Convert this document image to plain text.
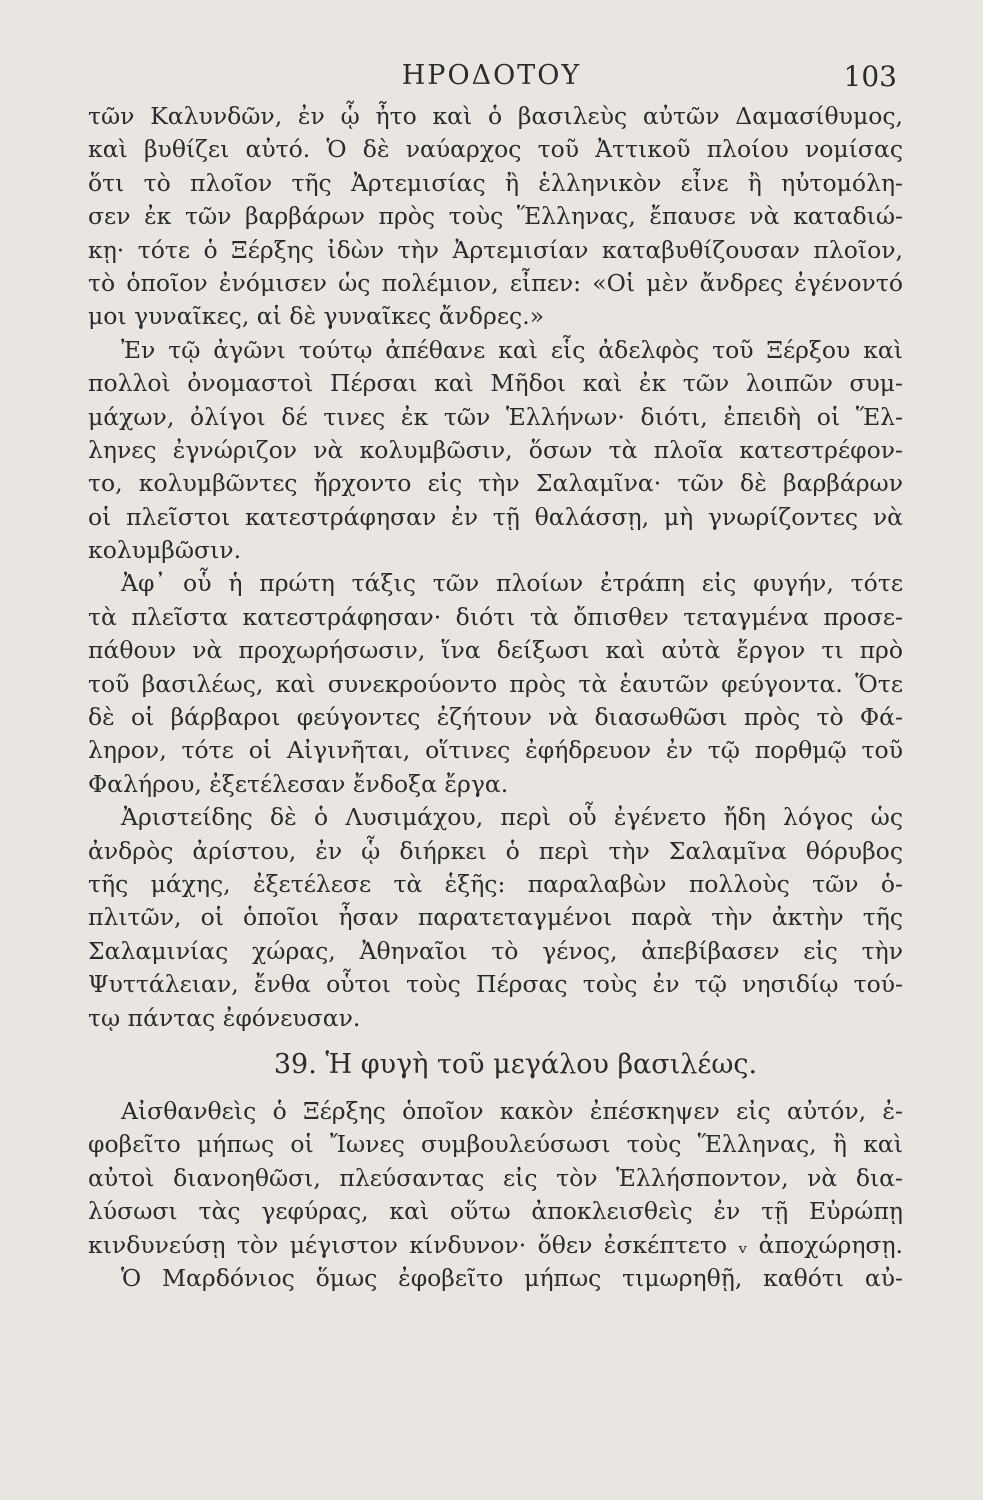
ΗΡΟΔΟΤΟΥ	103
τῶν Καλυνδῶν, ἐν ᾧ ἦτο καὶ ὁ βασιλεὺς αὐτῶν Δαμασίθυμος,
καὶ βυθίζει αὐτό. Ὁ δὲ ναύαρχος τοῦ Ἀττικοῦ πλοίου νομίσας
ὅτι τὸ πλοῖον τῆς Ἀρτεμισίας ἢ ἑλληνικὸν εἶνε ἢ ηὐτομόλη-
σεν ἐκ τῶν βαρβάρων πρὸς τοὺς Ἕλληνας, ἔπαυσε νὰ καταδιώ-
κῃ· τότε ὁ Ξέρξης ἰδὼν τὴν Ἀρτεμισίαν καταβυθίζουσαν πλοῖον,
τὸ ὁποῖον ἐνόμισεν ὡς πολέμιον, εἶπεν: «Οἱ μὲν ἄνδρες ἐγένοντό
μοι γυναῖκες, αἱ δὲ γυναῖκες ἄνδρες.»
Ἐν τῷ ἀγῶνι τούτῳ ἀπέθανε καὶ εἷς ἀδελφὸς τοῦ Ξέρξου καὶ
πολλοὶ ὀνομαστοὶ Πέρσαι καὶ Μῆδοι καὶ ἐκ τῶν λοιπῶν συμ-
μάχων, ὀλίγοι δέ τινες ἐκ τῶν Ἑλλήνων· διότι, ἐπειδὴ οἱ Ἕλ-
ληνες ἐγνώριζον νὰ κολυμβῶσιν, ὅσων τὰ πλοῖα κατεστρέφον-
το, κολυμβῶντες ἤρχοντο εἰς τὴν Σαλαμῖνα· τῶν δὲ βαρβάρων
οἱ πλεῖστοι κατεστράφησαν ἐν τῇ θαλάσσῃ, μὴ γνωρίζοντες νὰ
κολυμβῶσιν.
Ἀφ᾽ οὗ ἡ πρώτη τάξις τῶν πλοίων ἐτράπη εἰς φυγήν, τότε
τὰ πλεῖστα κατεστράφησαν· διότι τὰ ὄπισθεν τεταγμένα προσε-
πάθουν νὰ προχωρήσωσιν, ἵνα δείξωσι καὶ αὐτὰ ἔργον τι πρὸ
τοῦ βασιλέως, καὶ συνεκρούοντο πρὸς τὰ ἑαυτῶν φεύγοντα. Ὅτε
δὲ οἱ βάρβαροι φεύγοντες ἐζήτουν νὰ διασωθῶσι πρὸς τὸ Φά-
ληρον, τότε οἱ Αἰγινῆται, οἵτινες ἐφήδρευον ἐν τῷ πορθμῷ τοῦ
Φαλήρου, ἐξετέλεσαν ἔνδοξα ἔργα.
Ἀριστείδης δὲ ὁ Λυσιμάχου, περὶ οὗ ἐγένετο ἤδη λόγος ὡς
ἀνδρὸς ἀρίστου, ἐν ᾧ διήρκει ὁ περὶ τὴν Σαλαμῖνα θόρυβος
τῆς μάχης, ἐξετέλεσε τὰ ἑξῆς: παραλαβὼν πολλοὺς τῶν ὁ-
πλιτῶν, οἱ ὁποῖοι ἦσαν παρατεταγμένοι παρὰ τὴν ἀκτὴν τῆς
Σαλαμινίας χώρας, Ἀθηναῖοι τὸ γένος, ἀπεβίβασεν εἰς τὴν
Ψυττάλειαν, ἔνθα οὗτοι τοὺς Πέρσας τοὺς ἐν τῷ νησιδίῳ τού-
τῳ πάντας ἐφόνευσαν.
39. Ἡ φυγὴ τοῦ μεγάλου βασιλέως.
Αἰσθανθεὶς ὁ Ξέρξης ὁποῖον κακὸν ἐπέσκηψεν εἰς αὐτόν, ἐ-
φοβεῖτο μήπως οἱ Ἴωνες συμβουλεύσωσι τοὺς Ἕλληνας, ἢ καὶ
αὐτοὶ διανοηθῶσι, πλεύσαντας εἰς τὸν Ἑλλήσποντον, νὰ δια-
λύσωσι τὰς γεφύρας, καὶ οὕτω ἀποκλεισθεὶς ἐν τῇ Εὐρώπῃ
κινδυνεύσῃ τὸν μέγιστον κίνδυνον· ὅθεν ἐσκέπτετο ᵥ ἀποχώρησῃ.
Ὁ Μαρδόνιος ὅμως ἐφοβεῖτο μήπως τιμωρηθῇ, καθότι αὐ-
